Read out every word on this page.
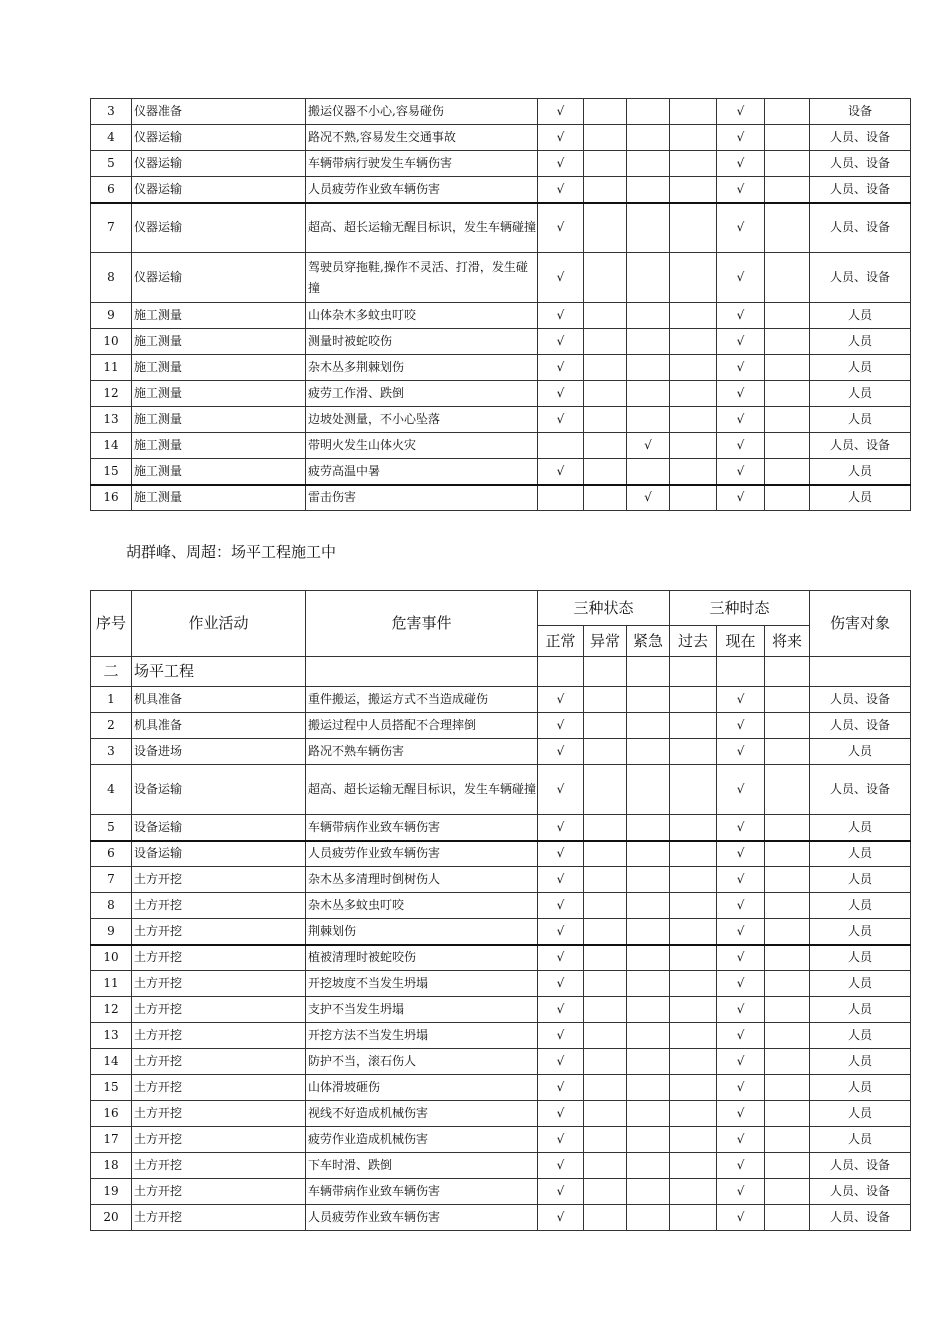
3	仪器准备	搬运仪器不小心,容易碰伤	√				√		设备
4	仪器运输	路况不熟,容易发生交通事故	√				√		人员、设备
5	仪器运输	车辆带病行驶发生车辆伤害	√				√		人员、设备
6	仪器运输	人员疲劳作业致车辆伤害	√				√		人员、设备
7	仪器运输	超高、超长运输无醒目标识，发生车辆碰撞	√				√		人员、设备
8	仪器运输	驾驶员穿拖鞋,操作不灵活、打滑，发生碰撞	√				√		人员、设备
9	施工测量	山体杂木多蚊虫叮咬	√				√		人员
10	施工测量	测量时被蛇咬伤	√				√		人员
11	施工测量	杂木丛多荆棘划伤	√				√		人员
12	施工测量	疲劳工作滑、跌倒	√				√		人员
13	施工测量	边坡处测量，不小心坠落	√				√		人员
14	施工测量	带明火发生山体火灾			√		√		人员、设备
15	施工测量	疲劳高温中暑	√				√		人员
16	施工测量	雷击伤害			√		√		人员
胡群峰、周超：场平工程施工中
序号	作业活动	危害事件	三种状态			三种时态			伤害对象
			正常	异常	紧急	过去	现在	将来	
二	场平工程								
1	机具准备	重件搬运，搬运方式不当造成碰伤	√				√		人员、设备
2	机具准备	搬运过程中人员搭配不合理摔倒	√				√		人员、设备
3	设备进场	路况不熟车辆伤害	√				√		人员
4	设备运输	超高、超长运输无醒目标识，发生车辆碰撞	√				√		人员、设备
5	设备运输	车辆带病作业致车辆伤害	√				√		人员
6	设备运输	人员疲劳作业致车辆伤害	√				√		人员
7	土方开挖	杂木丛多清理时倒树伤人	√				√		人员
8	土方开挖	杂木丛多蚊虫叮咬	√				√		人员
9	土方开挖	荆棘划伤	√				√		人员
10	土方开挖	植被清理时被蛇咬伤	√				√		人员
11	土方开挖	开挖坡度不当发生坍塌	√				√		人员
12	土方开挖	支护不当发生坍塌	√				√		人员
13	土方开挖	开挖方法不当发生坍塌	√				√		人员
14	土方开挖	防护不当，滚石伤人	√				√		人员
15	土方开挖	山体滑坡砸伤	√				√		人员
16	土方开挖	视线不好造成机械伤害	√				√		人员
17	土方开挖	疲劳作业造成机械伤害	√				√		人员
18	土方开挖	下车时滑、跌倒	√				√		人员、设备
19	土方开挖	车辆带病作业致车辆伤害	√				√		人员、设备
20	土方开挖	人员疲劳作业致车辆伤害	√				√		人员、设备
